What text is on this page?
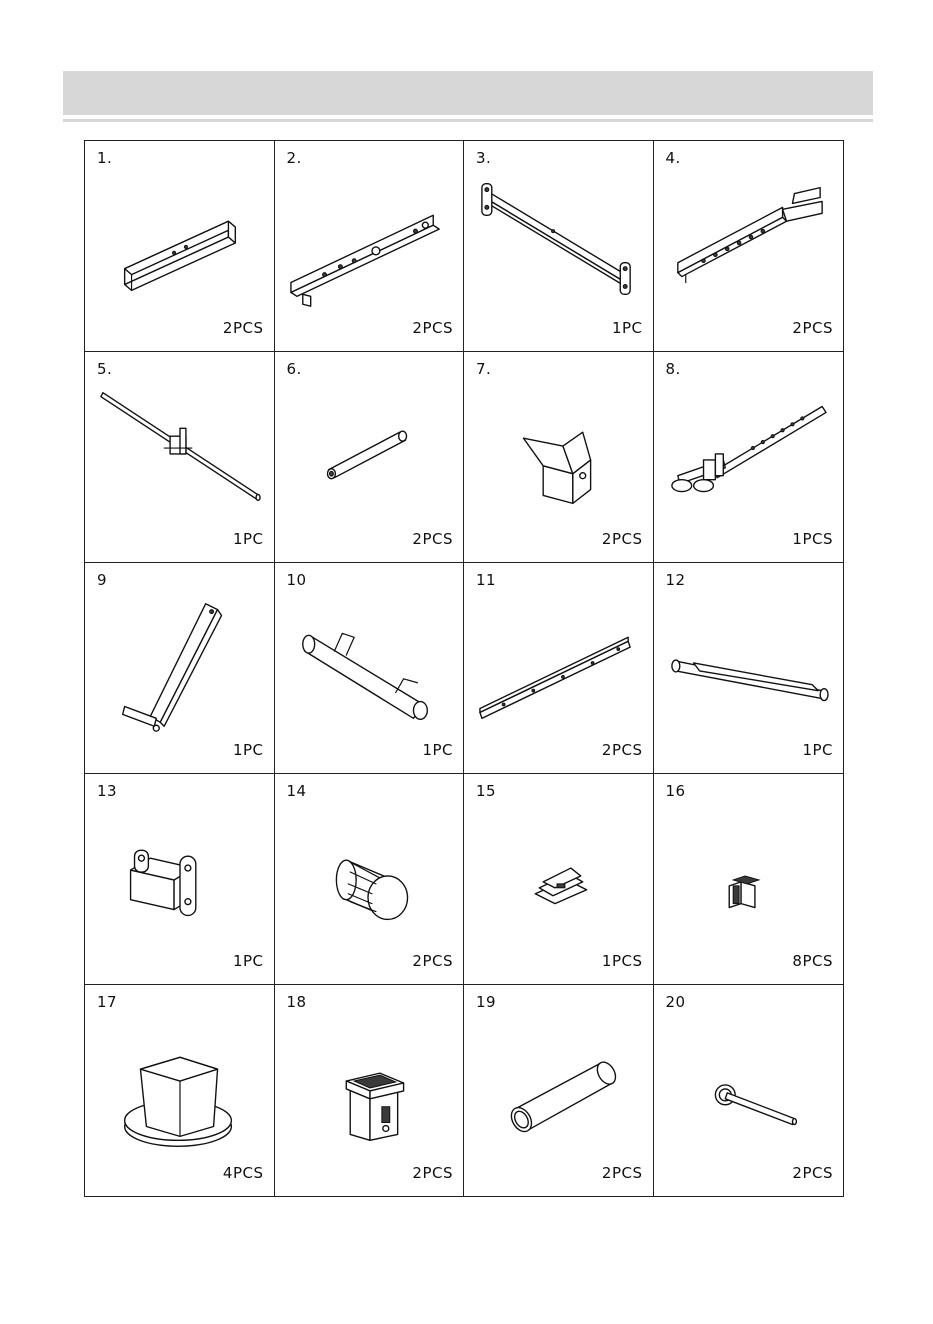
1.
2PCS
2.
2PCS
3.
1PC
4.
2PCS
5.
1PC
6.
2PCS
7.
2PCS
8.
1PCS
9
1PC
10
1PC
11
2PCS
12
1PC
13
1PC
14
2PCS
15
1PCS
16
8PCS
17
4PCS
18
2PCS
19
2PCS
20
2PCS
